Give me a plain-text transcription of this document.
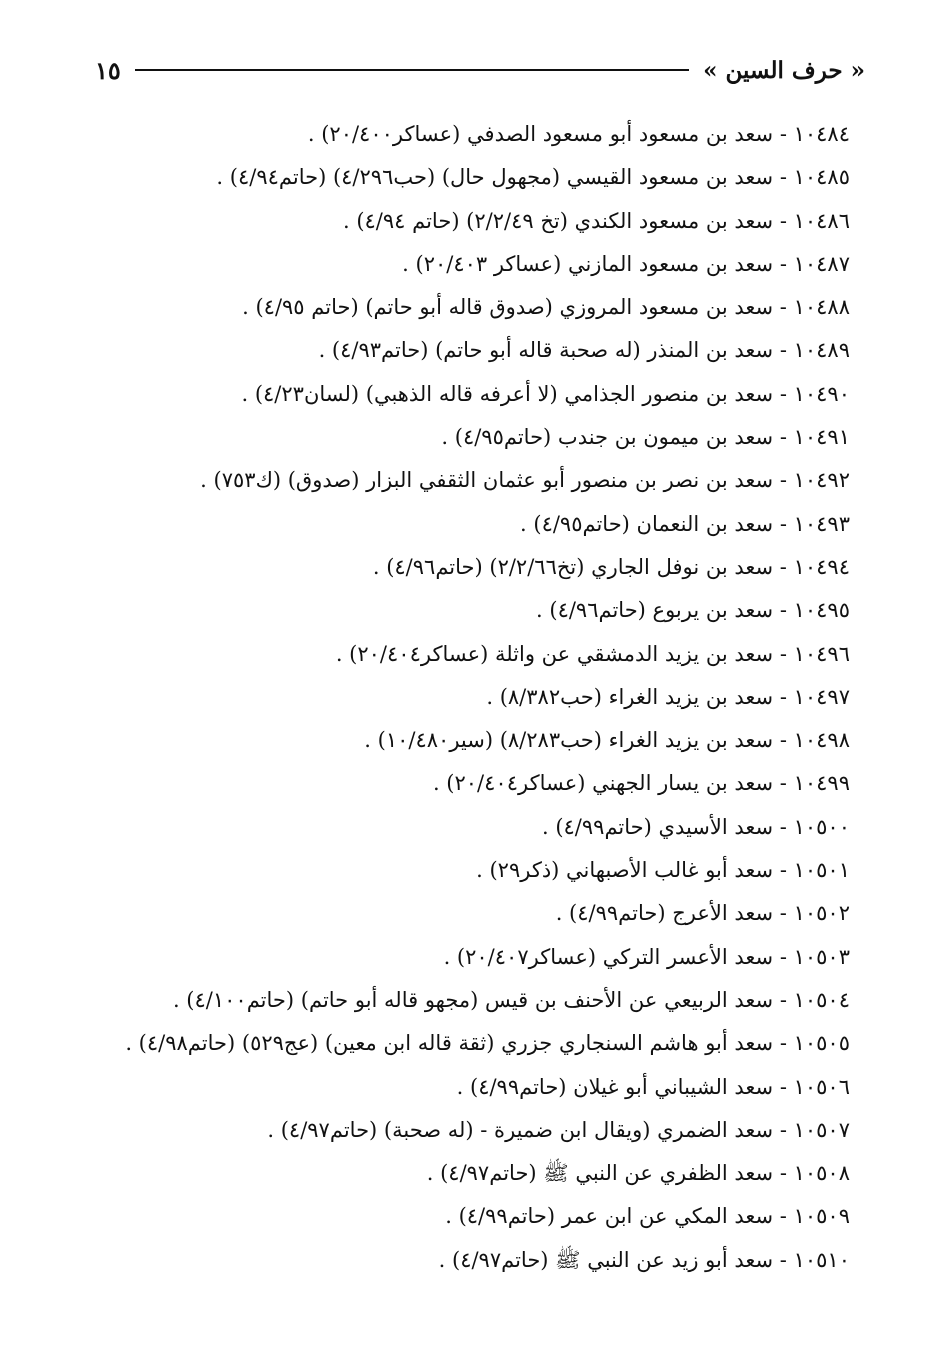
« حرف السين »
١٥
١٠٤٨٤ - سعد بن مسعود أبو مسعود الصدفي (عساكر٢٠/٤٠٠) .
١٠٤٨٥ - سعد بن مسعود القيسي (مجهول حال) (حب٤/٢٩٦) (حاتم٤/٩٤) .
١٠٤٨٦ - سعد بن مسعود الكندي (تخ ٢/٢/٤٩) (حاتم ٤/٩٤) .
١٠٤٨٧ - سعد بن مسعود المازني (عساكر ٢٠/٤٠٣) .
١٠٤٨٨ - سعد بن مسعود المروزي (صدوق قاله أبو حاتم) (حاتم ٤/٩٥) .
١٠٤٨٩ - سعد بن المنذر (له صحبة قاله أبو حاتم) (حاتم٤/٩٣) .
١٠٤٩٠ - سعد بن منصور الجذامي (لا أعرفه قاله الذهبي) (لسان٤/٢٣) .
١٠٤٩١ - سعد بن ميمون بن جندب (حاتم٤/٩٥) .
١٠٤٩٢ - سعد بن نصر بن منصور أبو عثمان الثقفي البزار (صدوق) (ك٧٥٣) .
١٠٤٩٣ - سعد بن النعمان (حاتم٤/٩٥) .
١٠٤٩٤ - سعد بن نوفل الجاري (تخ٢/٢/٦٦) (حاتم٤/٩٦) .
١٠٤٩٥ - سعد بن يربوع (حاتم٤/٩٦) .
١٠٤٩٦ - سعد بن يزيد الدمشقي عن واثلة (عساكر٢٠/٤٠٤) .
١٠٤٩٧ - سعد بن يزيد الغراء (حب٨/٣٨٢) .
١٠٤٩٨ - سعد بن يزيد الغراء (حب٨/٢٨٣) (سير١٠/٤٨٠) .
١٠٤٩٩ - سعد بن يسار الجهني (عساكر٢٠/٤٠٤) .
١٠٥٠٠ - سعد الأسيدي (حاتم٤/٩٩) .
١٠٥٠١ - سعد أبو غالب الأصبهاني (ذكر٢٩) .
١٠٥٠٢ - سعد الأعرج (حاتم٤/٩٩) .
١٠٥٠٣ - سعد الأعسر التركي (عساكر٢٠/٤٠٧) .
١٠٥٠٤ - سعد الربيعي عن الأحنف بن قيس (مجهو قاله أبو حاتم) (حاتم٤/١٠٠) .
١٠٥٠٥ - سعد أبو هاشم السنجاري جزري (ثقة قاله ابن معين) (عج٥٢٩) (حاتم٤/٩٨) .
١٠٥٠٦ - سعد الشيباني أبو غيلان (حاتم٤/٩٩) .
١٠٥٠٧ - سعد الضمري (ويقال ابن ضميرة - (له صحبة) (حاتم٤/٩٧) .
١٠٥٠٨ - سعد الظفري عن النبي ﷺ (حاتم٤/٩٧) .
١٠٥٠٩ - سعد المكي عن ابن عمر (حاتم٤/٩٩) .
١٠٥١٠ - سعد أبو زيد عن النبي ﷺ (حاتم٤/٩٧) .
